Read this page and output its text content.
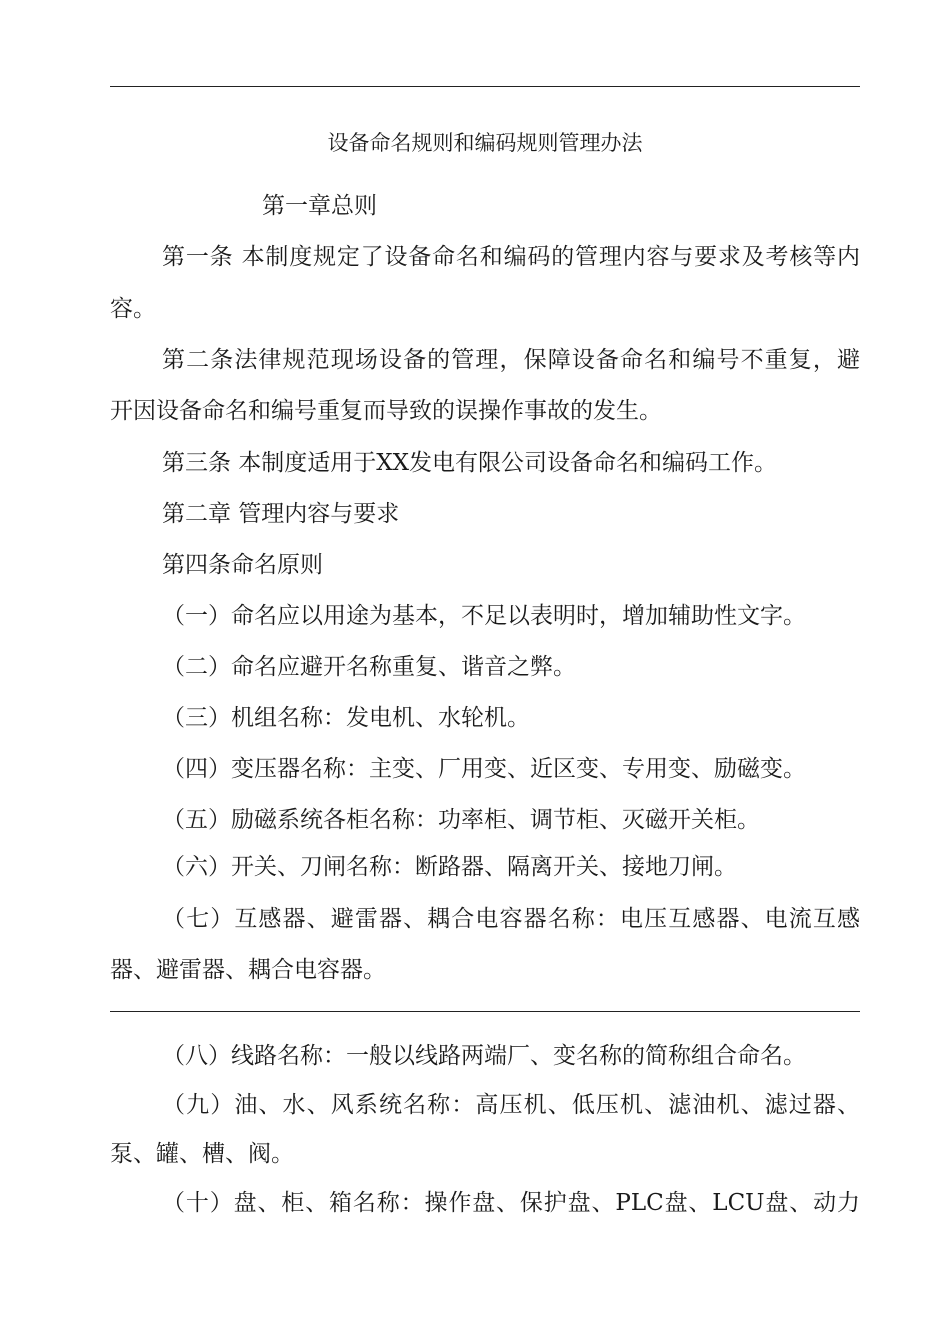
设备命名规则和编码规则管理办法
第一章总则
第一条 本制度规定了设备命名和编码的管理内容与要求及考核等内
容。
第二条法律规范现场设备的管理，保障设备命名和编号不重复，避
开因设备命名和编号重复而导致的误操作事故的发生。
第三条 本制度适用于XX发电有限公司设备命名和编码工作。
第二章 管理内容与要求
第四条命名原则
（一）命名应以用途为基本，不足以表明时，增加辅助性文字。
（二）命名应避开名称重复、谐音之弊。
（三）机组名称：发电机、水轮机。
（四）变压器名称：主变、厂用变、近区变、专用变、励磁变。
（五）励磁系统各柜名称：功率柜、调节柜、灭磁开关柜。
（六）开关、刀闸名称：断路器、隔离开关、接地刀闸。
（七）互感器、避雷器、耦合电容器名称：电压互感器、电流互感
器、避雷器、耦合电容器。
（八）线路名称：一般以线路两端厂、变名称的简称组合命名。
（九）油、水、风系统名称：高压机、低压机、滤油机、滤过器、
泵、罐、槽、阀。
（十）盘、柜、箱名称：操作盘、保护盘、PLC盘、LCU盘、动力
